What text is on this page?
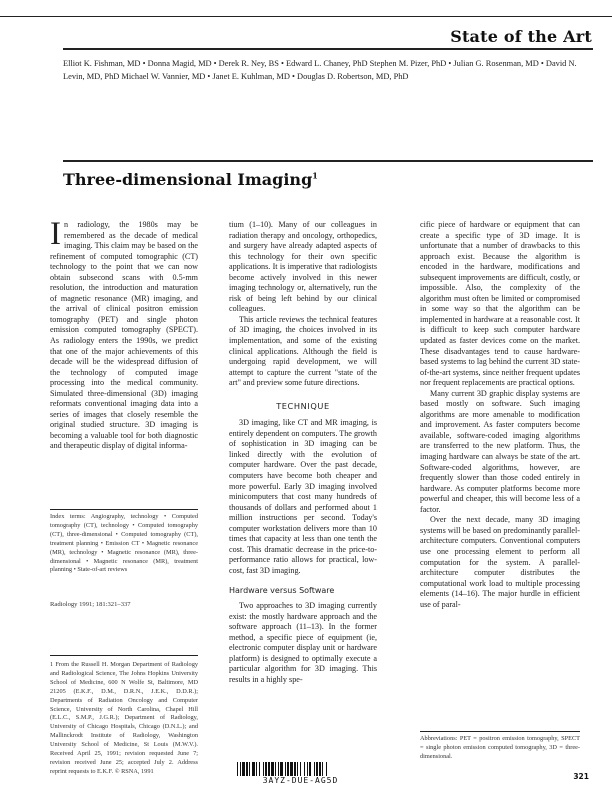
State of the Art
Elliot K. Fishman, MD • Donna Magid, MD • Derek R. Ney, BS • Edward L. Chaney, PhD Stephen M. Pizer, PhD • Julian G. Rosenman, MD • David N. Levin, MD, PhD Michael W. Vannier, MD • Janet E. Kuhlman, MD • Douglas D. Robertson, MD, PhD
Three-dimensional Imaging$^1$

In radiology, the 1980s may be remembered as the decade of medical imaging. This claim may be based on the refinement of computed tomographic (CT) technology to the point that we can now obtain subsecond scans with 0.5-mm resolution, the introduction and maturation of magnetic resonance (MR) imaging, and the arrival of clinical positron emission tomography (PET) and single photon emission computed tomography (SPECT). As radiology enters the 1990s, we predict that one of the major achievements of this decade will be the widespread diffusion of the technology of computed image processing into the medical community. Simulated three-dimensional (3D) imaging reformats conventional imaging data into a series of images that closely resemble the original studied structure. 3D imaging is becoming a valuable tool for both diagnostic and therapeutic display of digital informa-

Index terms: Angiography, technology • Computed tomography (CT), technology • Computed tomography (CT), three-dimensional • Computed tomography (CT), treatment planning • Emission CT • Magnetic resonance (MR), technology • Magnetic resonance (MR), three-dimensional • Magnetic resonance (MR), treatment planning • State-of-art reviews
Radiology 1991; 181:321–337
1 From the Russell H. Morgan Department of Radiology and Radiological Science, The Johns Hopkins University School of Medicine, 600 N Wolfe St, Baltimore, MD 21205 (E.K.F., D.M., D.R.N., J.E.K., D.D.R.); Departments of Radiation Oncology and Computer Science, University of North Carolina, Chapel Hill (E.L.C., S.M.P., J.G.R.); Department of Radiology, University of Chicago Hospitals, Chicago (D.N.L.); and Mallinckrodt Institute of Radiology, Washington University School of Medicine, St Louis (M.W.V.). Received April 25, 1991; revision requested June 7; revision received June 25; accepted July 2. Address reprint requests to E.K.F. © RSNA, 1991

tium (1–10). Many of our colleagues in radiation therapy and oncology, orthopedics, and surgery have already adapted aspects of this technology for their own specific applications. It is imperative that radiologists become actively involved in this newer imaging technology or, alternatively, run the risk of being left behind by our clinical colleagues.

This article reviews the technical features of 3D imaging, the choices involved in its implementation, and some of the existing clinical applications. Although the field is undergoing rapid development, we will attempt to capture the current "state of the art" and preview some future directions.

TECHNIQUE

3D imaging, like CT and MR imaging, is entirely dependent on computers. The growth of sophistication in 3D imaging can be linked directly with the evolution of computer hardware. Over the past decade, computers have become both cheaper and more powerful. Early 3D imaging involved minicomputers that cost many hundreds of thousands of dollars and performed about 1 million instructions per second. Today's computer workstation delivers more than 10 times that capacity at less than one tenth the cost. This dramatic decrease in the price-to-performance ratio allows for practical, low-cost, fast 3D imaging.

Hardware versus Software

Two approaches to 3D imaging currently exist: the mostly hardware approach and the software approach (11–13). In the former method, a specific piece of equipment (ie, electronic computer display unit or hardware platform) is designed to optimally execute a particular algorithm for 3D imaging. This results in a highly spe-

cific piece of hardware or equipment that can create a specific type of 3D image. It is unfortunate that a number of drawbacks to this approach exist. Because the algorithm is encoded in the hardware, modifications and subsequent improvements are difficult, costly, or impossible. Also, the complexity of the algorithm must often be limited or compromised in some way so that the algorithm can be implemented in hardware at a reasonable cost. It is difficult to keep such computer hardware updated as faster devices come on the market. These disadvantages tend to cause hardware-based systems to lag behind the current 3D state-of-the-art systems, since neither frequent updates nor frequent replacements are practical options.

Many current 3D graphic display systems are based mostly on software. Such imaging algorithms are more amenable to modification and improvement. As faster computers become available, software-coded imaging algorithms are transferred to the new platform. Thus, the imaging hardware can always be state of the art. Software-coded algorithms, however, are frequently slower than those coded entirely in hardware. As computer platforms become more powerful and cheaper, this will become less of a factor.

Over the next decade, many 3D imaging systems will be based on predominantly parallel-architecture computers. Conventional computers use one processing element to perform all computation for the system. A parallel-architecture computer distributes the computational work load to multiple processing elements (14–16). The major hurdle in efficient use of paral-

Abbreviations: PET = positron emission tomography, SPECT = single photon emission computed tomography, 3D = three-dimensional.
3AYZ-DUE-AG5D	321
